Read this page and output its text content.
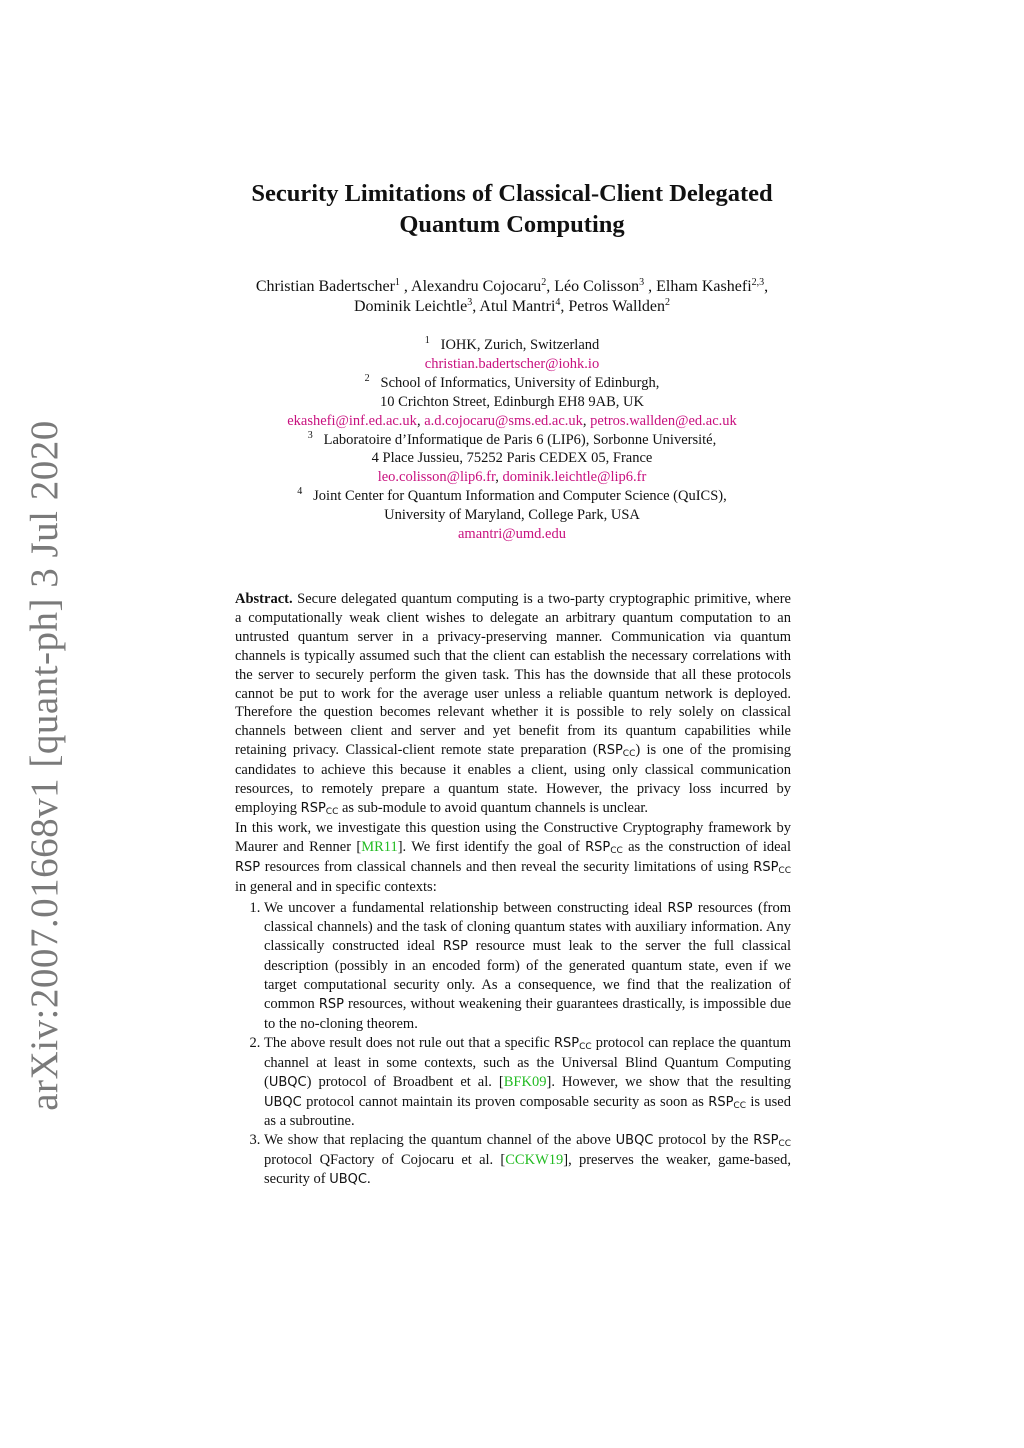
arXiv:2007.01668v1 [quant-ph] 3 Jul 2020
Security Limitations of Classical-Client Delegated
Quantum Computing
Christian Badertscher$^1$ , Alexandru Cojocaru$^2$, Léo Colisson$^3$ , Elham Kashefi$^{2,3}$,
Dominik Leichtle$^3$, Atul Mantri$^4$, Petros Wallden$^2$
$^1$ IOHK, Zurich, Switzerland
christian.badertscher@iohk.io
$^2$ School of Informatics, University of Edinburgh,
10 Crichton Street, Edinburgh EH8 9AB, UK
ekashefi@inf.ed.ac.uk, a.d.cojocaru@sms.ed.ac.uk, petros.wallden@ed.ac.uk
$^3$ Laboratoire d’Informatique de Paris 6 (LIP6), Sorbonne Université,
4 Place Jussieu, 75252 Paris CEDEX 05, France
leo.colisson@lip6.fr, dominik.leichtle@lip6.fr
$^4$ Joint Center for Quantum Information and Computer Science (QuICS),
University of Maryland, College Park, USA
amantri@umd.edu

Abstract. Secure delegated quantum computing is a two-party cryptographic primitive, where a computationally weak client wishes to delegate an arbitrary quantum computation to an untrusted quantum server in a privacy-preserving manner. Communication via quantum channels is typically assumed such that the client can establish the necessary correlations with the server to securely perform the given task. This has the downside that all these protocols cannot be put to work for the average user unless a reliable quantum network is deployed. Therefore the question becomes relevant whether it is possible to rely solely on classical channels between client and server and yet benefit from its quantum capabilities while retaining privacy. Classical-client remote state preparation $(RSP_{CC})$ is one of the promising candidates to achieve this because it enables a client, using only classical communication resources, to remotely prepare a quantum state. However, the privacy loss incurred by employing $RSP_{CC}$ as sub-module to avoid quantum channels is unclear.

In this work, we investigate this question using the Constructive Cryptography framework by Maurer and Renner [MR11]. We first identify the goal of $RSP_{CC}$ as the construction of ideal RSP resources from classical channels and then reveal the security limitations of using $RSP_{CC}$ in general and in specific contexts:

1. We uncover a fundamental relationship between constructing ideal RSP resources (from classical channels) and the task of cloning quantum states with auxiliary information. Any classically constructed ideal RSP resource must leak to the server the full classical description (possibly in an encoded form) of the generated quantum state, even if we target computational security only. As a consequence, we find that the realization of common RSP resources, without weakening their guarantees drastically, is impossible due to the no-cloning theorem.
2. The above result does not rule out that a specific $RSP_{CC}$ protocol can replace the quantum channel at least in some contexts, such as the Universal Blind Quantum Computing (UBQC) protocol of Broadbent et al. [BFK09]. However, we show that the resulting UBQC protocol cannot maintain its proven composable security as soon as $RSP_{CC}$ is used as a subroutine.
3. We show that replacing the quantum channel of the above UBQC protocol by the $RSP_{CC}$ protocol QFactory of Cojocaru et al. [CCKW19], preserves the weaker, game-based, security of UBQC.
